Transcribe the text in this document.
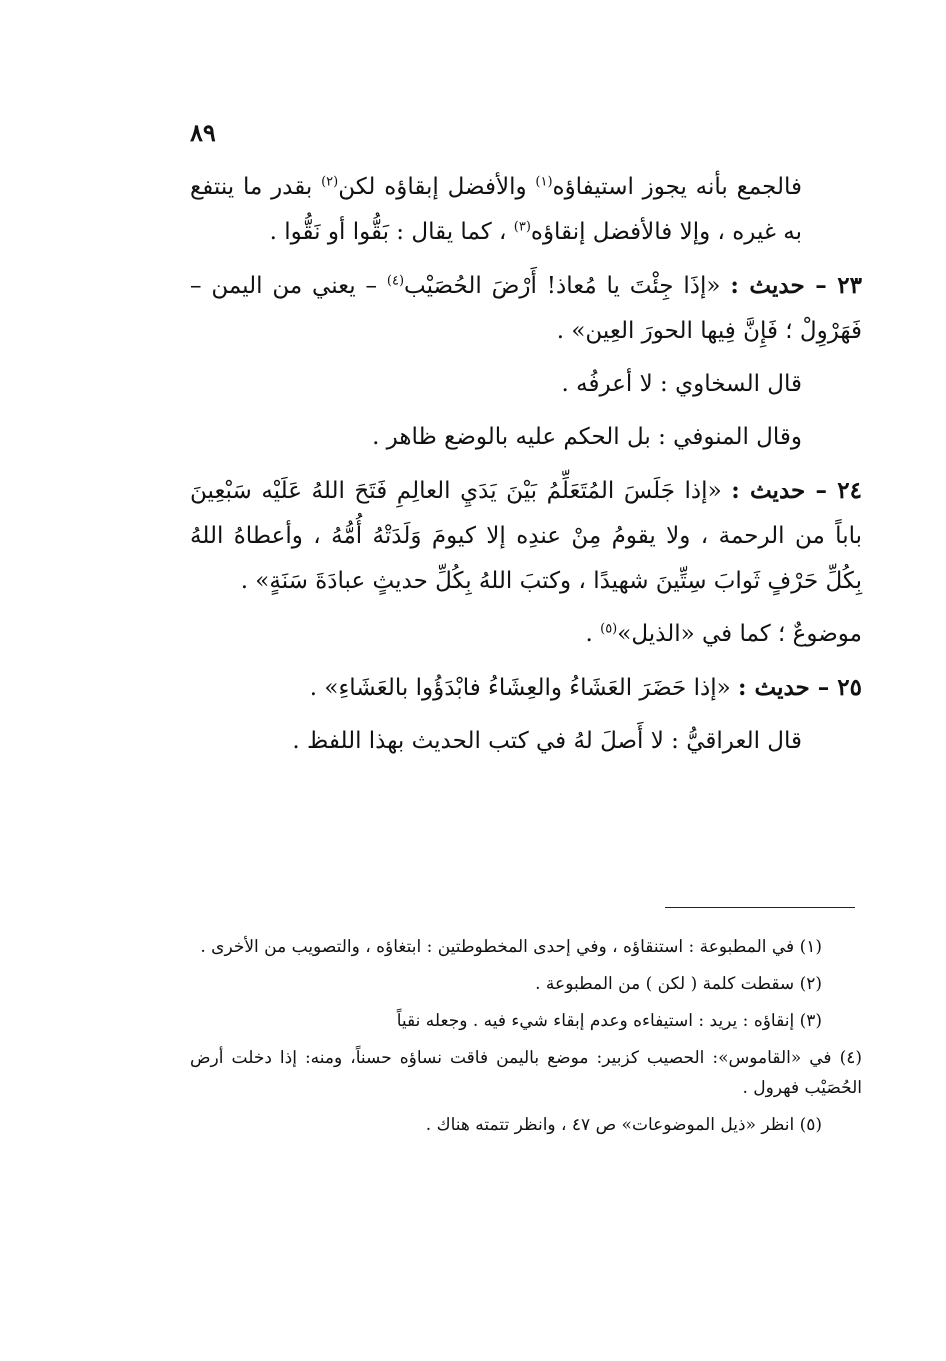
٨٩

فالجمع بأنه يجوز استيفاؤه$^{(١)}$ والأفضل إبقاؤه لكن$^{(٢)}$ بقدر ما ينتفع به غيره ، وإلا فالأفضل إنقاؤه$^{(٣)}$ ، كما يقال : بَقُّوا أو نَقُّوا .

٢٣ – حديث : «إذَا جِئْتَ يا مُعاذ! أَرْضَ الحُصَيْب$^{(٤)}$ – يعني من اليمن – فَهَرْوِلْ ؛ فَإِنَّ فِيها الحورَ العِين» .

قال السخاوي : لا أعرفُه .

وقال المنوفي : بل الحكم عليه بالوضع ظاهر .

٢٤ – حديث : «إذا جَلَسَ المُتَعَلِّمُ بَيْنَ يَدَيِ العالِمِ فَتَحَ اللهُ عَلَيْه سَبْعِينَ باباً من الرحمة ، ولا يقومُ مِنْ عندِه إلا كيومَ وَلَدَتْهُ أُمُّهُ ، وأعطاهُ اللهُ بِكُلِّ حَرْفٍ ثَوابَ سِتِّينَ شهيدًا ، وكتبَ اللهُ بِكُلِّ حديثٍ عبادَةَ سَنَةٍ» .

موضوعٌ ؛ كما في «الذيل»$^{(٥)}$ .

٢٥ – حديث : «إذا حَضَرَ العَشَاءُ والعِشَاءُ فابْدَؤُوا بالعَشَاءِ» .

قال العراقيُّ : لا أَصلَ لهُ في كتب الحديث بهذا اللفظ .

(١) في المطبوعة : استنقاؤه ، وفي إحدى المخطوطتين : ابتغاؤه ، والتصويب من الأخرى .

(٢) سقطت كلمة ( لكن ) من المطبوعة .

(٣) إنقاؤه : يريد : استيفاءه وعدم إبقاء شيء فيه . وجعله نقياً

(٤) في «القاموس»: الحصيب كزبير: موضع باليمن فاقت نساؤه حسناً، ومنه: إذا دخلت أرض الحُصَيْب فهرول .

(٥) انظر «ذيل الموضوعات» ص ٤٧ ، وانظر تتمته هناك .
